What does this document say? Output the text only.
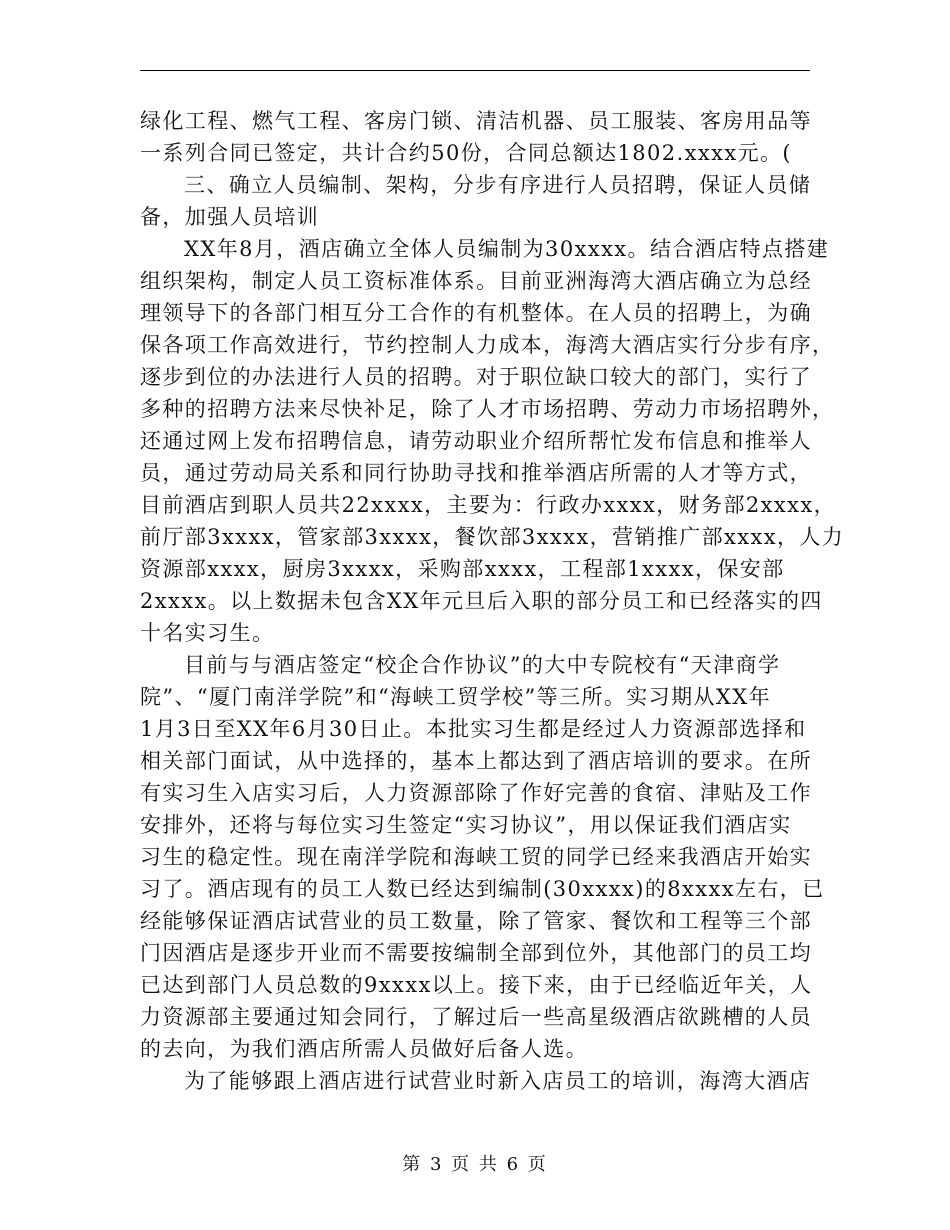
绿化工程、燃气工程、客房门锁、清洁机器、员工服装、客房用品等
一系列合同已签定，共计合约50份，合同总额达1802.xxxx元。(
三、确立人员编制、架构，分步有序进行人员招聘，保证人员储
备，加强人员培训
XX年8月，酒店确立全体人员编制为30xxxx。结合酒店特点搭建
组织架构，制定人员工资标准体系。目前亚洲海湾大酒店确立为总经
理领导下的各部门相互分工合作的有机整体。在人员的招聘上，为确
保各项工作高效进行，节约控制人力成本，海湾大酒店实行分步有序，
逐步到位的办法进行人员的招聘。对于职位缺口较大的部门，实行了
多种的招聘方法来尽快补足，除了人才市场招聘、劳动力市场招聘外，
还通过网上发布招聘信息，请劳动职业介绍所帮忙发布信息和推举人
员，通过劳动局关系和同行协助寻找和推举酒店所需的人才等方式，
目前酒店到职人员共22xxxx，主要为：行政办xxxx，财务部2xxxx，
前厅部3xxxx，管家部3xxxx，餐饮部3xxxx，营销推广部xxxx，人力
资源部xxxx，厨房3xxxx，采购部xxxx，工程部1xxxx，保安部
2xxxx。以上数据未包含XX年元旦后入职的部分员工和已经落实的四
十名实习生。
目前与与酒店签定“校企合作协议”的大中专院校有“天津商学
院”、“厦门南洋学院”和“海峡工贸学校”等三所。实习期从XX年
1月3日至XX年6月30日止。本批实习生都是经过人力资源部选择和
相关部门面试，从中选择的，基本上都达到了酒店培训的要求。在所
有实习生入店实习后，人力资源部除了作好完善的食宿、津贴及工作
安排外，还将与每位实习生签定“实习协议”，用以保证我们酒店实
习生的稳定性。现在南洋学院和海峡工贸的同学已经来我酒店开始实
习了。酒店现有的员工人数已经达到编制(30xxxx)的8xxxx左右，已
经能够保证酒店试营业的员工数量，除了管家、餐饮和工程等三个部
门因酒店是逐步开业而不需要按编制全部到位外，其他部门的员工均
已达到部门人员总数的9xxxx以上。接下来，由于已经临近年关，人
力资源部主要通过知会同行，了解过后一些高星级酒店欲跳槽的人员
的去向，为我们酒店所需人员做好后备人选。
为了能够跟上酒店进行试营业时新入店员工的培训，海湾大酒店
第 3 页 共 6 页
